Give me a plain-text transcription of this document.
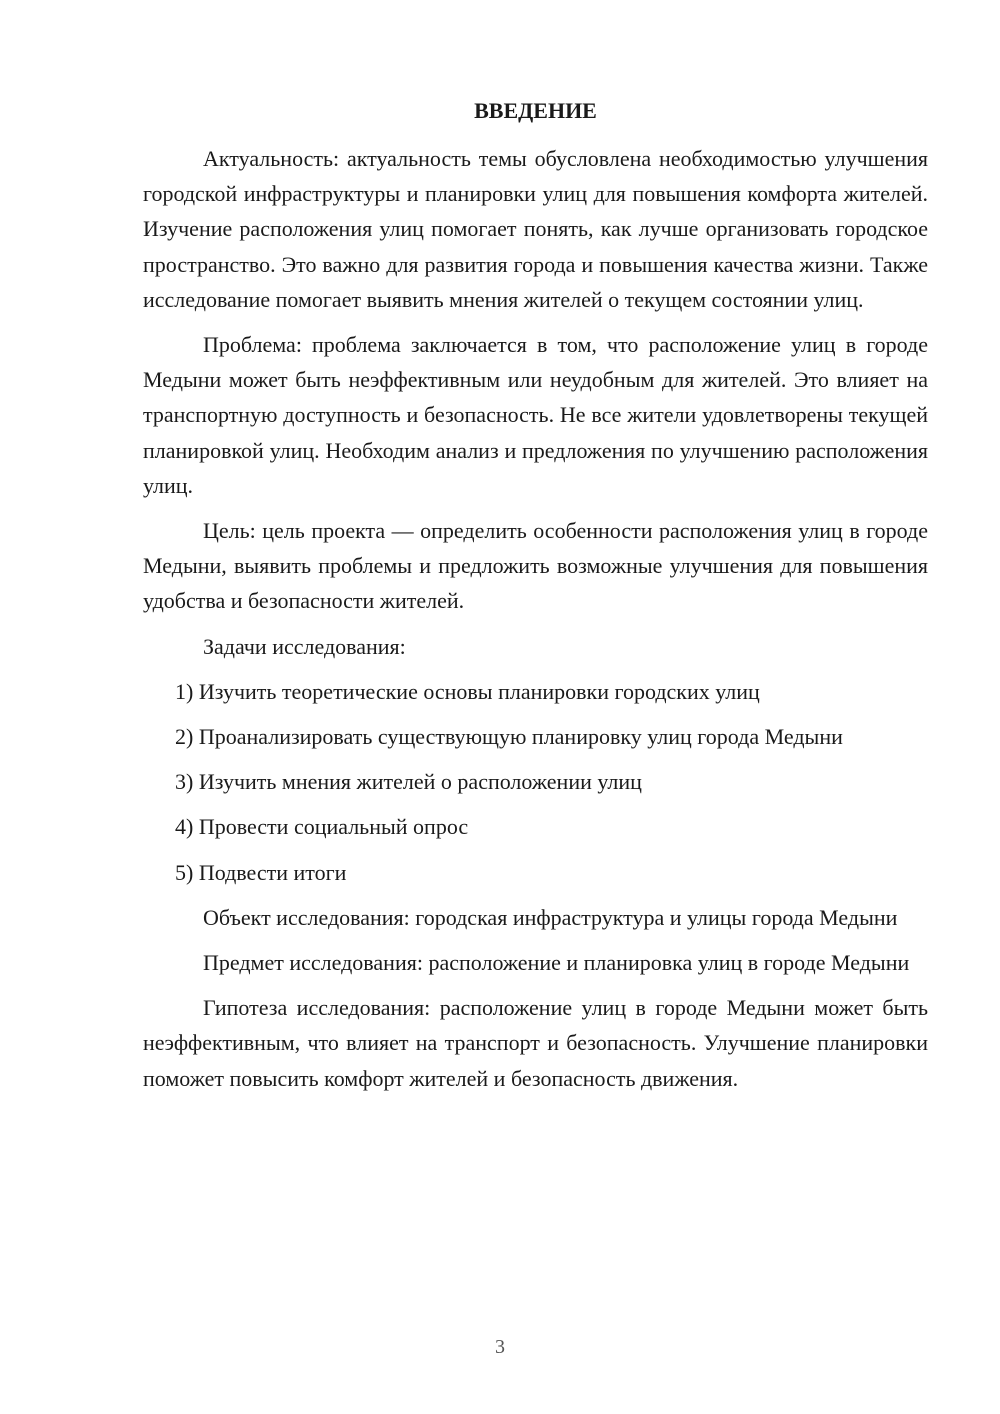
ВВЕДЕНИЕ

Актуальность: актуальность темы обусловлена необходимостью улучшения городской инфраструктуры и планировки улиц для повышения комфорта жителей. Изучение расположения улиц помогает понять, как лучше организовать городское пространство. Это важно для развития города и повышения качества жизни. Также исследование помогает выявить мнения жителей о текущем состоянии улиц.

Проблема: проблема заключается в том, что расположение улиц в городе Медыни может быть неэффективным или неудобным для жителей. Это влияет на транспортную доступность и безопасность. Не все жители удовлетворены текущей планировкой улиц. Необходим анализ и предложения по улучшению расположения улиц.

Цель: цель проекта — определить особенности расположения улиц в городе Медыни, выявить проблемы и предложить возможные улучшения для повышения удобства и безопасности жителей.

Задачи исследования:

1) Изучить теоретические основы планировки городских улиц

2) Проанализировать существующую планировку улиц города Медыни

3) Изучить мнения жителей о расположении улиц

4) Провести социальный опрос

5) Подвести итоги

Объект исследования: городская инфраструктура и улицы города Медыни

Предмет исследования: расположение и планировка улиц в городе Медыни

Гипотеза исследования: расположение улиц в городе Медыни может быть неэффективным, что влияет на транспорт и безопасность. Улучшение планировки поможет повысить комфорт жителей и безопасность движения.

3
